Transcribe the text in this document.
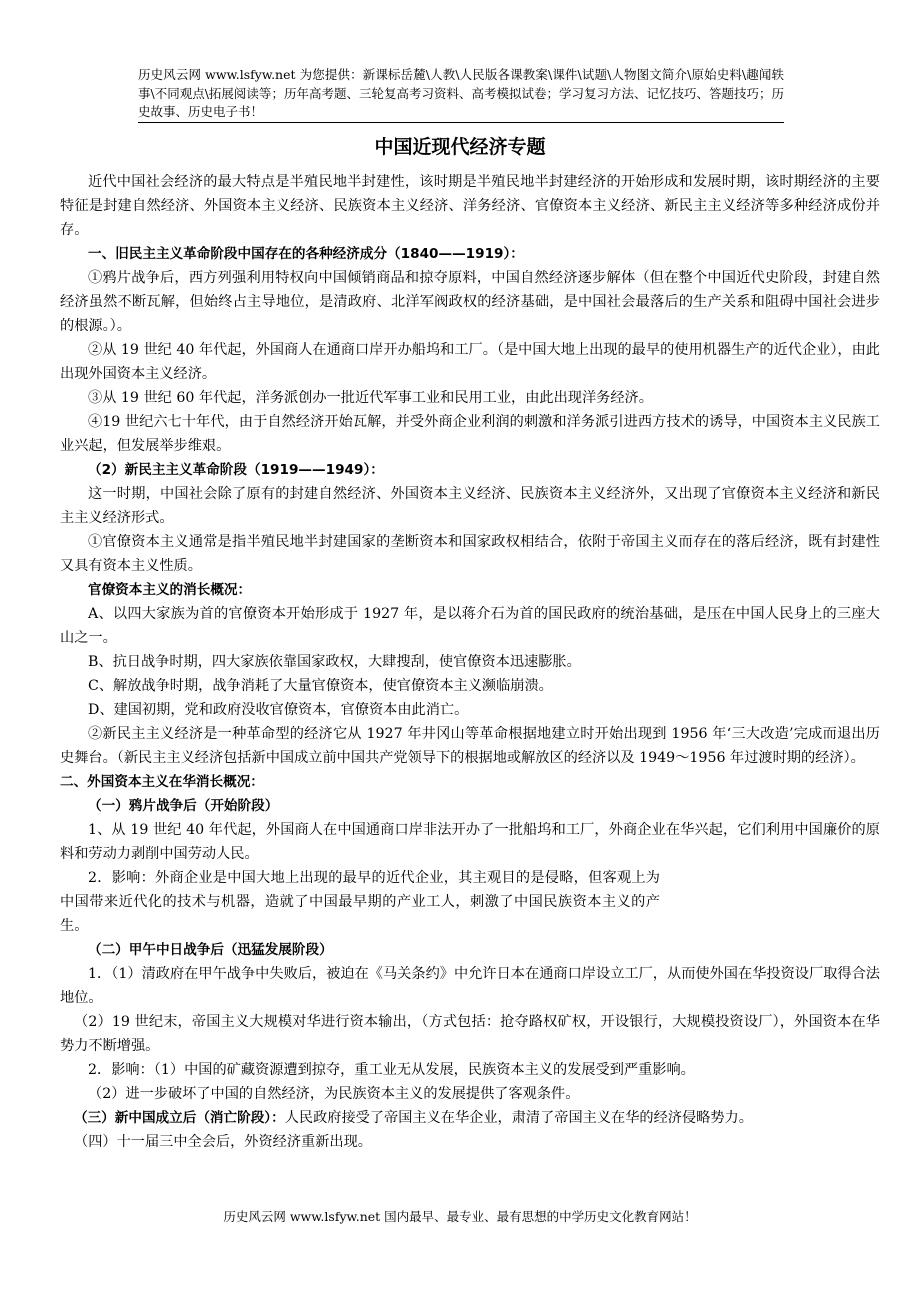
历史风云网 www.lsfyw.net 为您提供：新课标岳麓\人教\人民版各课教案\课件\试题\人物图文简介\原始史料\趣闻轶事\不同观点\拓展阅读等；历年高考题、三轮复高考习资料、高考模拟试卷；学习复习方法、记忆技巧、答题技巧；历史故事、历史电子书！
中国近现代经济专题

近代中国社会经济的最大特点是半殖民地半封建性，该时期是半殖民地半封建经济的开始形成和发展时期，该时期经济的主要特征是封建自然经济、外国资本主义经济、民族资本主义经济、洋务经济、官僚资本主义经济、新民主主义经济等多种经济成份并存。

一、旧民主主义革命阶段中国存在的各种经济成分（1840——1919）：

①鸦片战争后，西方列强利用特权向中国倾销商品和掠夺原料，中国自然经济逐步解体（但在整个中国近代史阶段，封建自然经济虽然不断瓦解，但始终占主导地位，是清政府、北洋军阀政权的经济基础，是中国社会最落后的生产关系和阻碍中国社会进步的根源。）。

②从 19 世纪 40 年代起，外国商人在通商口岸开办船坞和工厂。（是中国大地上出现的最早的使用机器生产的近代企业），由此出现外国资本主义经济。

③从 19 世纪 60 年代起，洋务派创办一批近代军事工业和民用工业，由此出现洋务经济。

④19 世纪六七十年代，由于自然经济开始瓦解，并受外商企业利润的刺激和洋务派引进西方技术的诱导，中国资本主义民族工业兴起，但发展举步维艰。

（2）新民主主义革命阶段（1919——1949）：

这一时期，中国社会除了原有的封建自然经济、外国资本主义经济、民族资本主义经济外，又出现了官僚资本主义经济和新民主主义经济形式。

①官僚资本主义通常是指半殖民地半封建国家的垄断资本和国家政权相结合，依附于帝国主义而存在的落后经济，既有封建性又具有资本主义性质。

官僚资本主义的消长概况：

A、以四大家族为首的官僚资本开始形成于 1927 年，是以蒋介石为首的国民政府的统治基础，是压在中国人民身上的三座大山之一。

B、抗日战争时期，四大家族依靠国家政权，大肆搜刮，使官僚资本迅速膨胀。

C、解放战争时期，战争消耗了大量官僚资本，使官僚资本主义濒临崩溃。

D、建国初期，党和政府没收官僚资本，官僚资本由此消亡。

②新民主主义经济是一种革命型的经济它从 1927 年井冈山等革命根据地建立时开始出现到 1956 年‘三大改造’完成而退出历史舞台。（新民主主义经济包括新中国成立前中国共产党领导下的根据地或解放区的经济以及 1949～1956 年过渡时期的经济）。

二、外国资本主义在华消长概况：

（一）鸦片战争后（开始阶段）

1、从 19 世纪 40 年代起，外国商人在中国通商口岸非法开办了一批船坞和工厂，外商企业在华兴起，它们利用中国廉价的原料和劳动力剥削中国劳动人民。

2．影响：外商企业是中国大地上出现的最早的近代企业，其主观目的是侵略，但客观上为中国带来近代化的技术与机器，造就了中国最早期的产业工人，刺激了中国民族资本主义的产生。

（二）甲午中日战争后（迅猛发展阶段）

1．（1）清政府在甲午战争中失败后，被迫在《马关条约》中允许日本在通商口岸设立工厂，从而使外国在华投资设厂取得合法地位。

（2）19 世纪末，帝国主义大规模对华进行资本输出，（方式包括：抢夺路权矿权，开设银行，大规模投资设厂），外国资本在华势力不断增强。

2．影响：（1）中国的矿藏资源遭到掠夺，重工业无从发展，民族资本主义的发展受到严重影响。

（2）进一步破坏了中国的自然经济，为民族资本主义的发展提供了客观条件。

（三）新中国成立后（消亡阶段）：人民政府接受了帝国主义在华企业，肃清了帝国主义在华的经济侵略势力。

（四）十一届三中全会后，外资经济重新出现。

历史风云网 www.lsfyw.net 国内最早、最专业、最有思想的中学历史文化教育网站！
